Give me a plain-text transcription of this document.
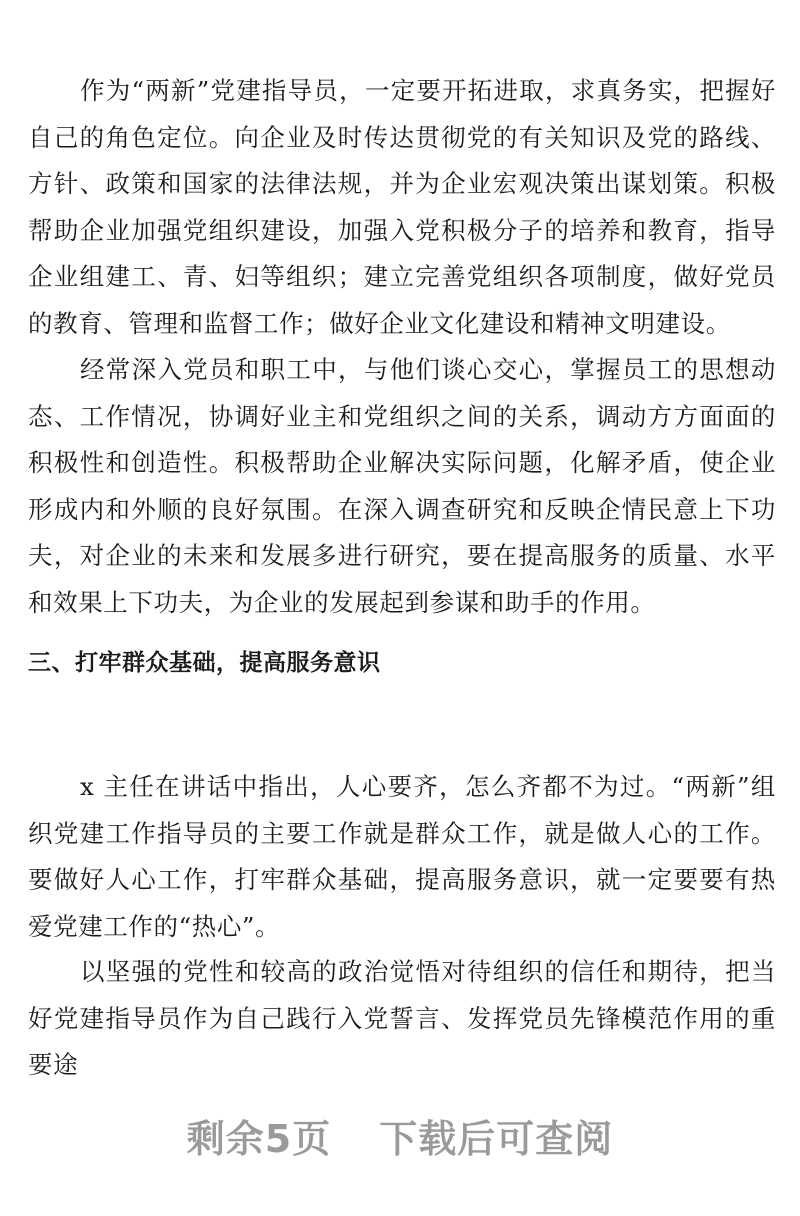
作为“两新”党建指导员，一定要开拓进取，求真务实，把握好自己的角色定位。向企业及时传达贯彻党的有关知识及党的路线、方针、政策和国家的法律法规，并为企业宏观决策出谋划策。积极帮助企业加强党组织建设，加强入党积极分子的培养和教育，指导企业组建工、青、妇等组织；建立完善党组织各项制度，做好党员的教育、管理和监督工作；做好企业文化建设和精神文明建设。

经常深入党员和职工中，与他们谈心交心，掌握员工的思想动态、工作情况，协调好业主和党组织之间的关系，调动方方面面的积极性和创造性。积极帮助企业解决实际问题，化解矛盾，使企业形成内和外顺的良好氛围。在深入调查研究和反映企情民意上下功夫，对企业的未来和发展多进行研究，要在提高服务的质量、水平和效果上下功夫，为企业的发展起到参谋和助手的作用。

三、打牢群众基础，提高服务意识

x 主任在讲话中指出，人心要齐，怎么齐都不为过。“两新”组织党建工作指导员的主要工作就是群众工作，就是做人心的工作。要做好人心工作，打牢群众基础，提高服务意识，就一定要要有热爱党建工作的“热心”。

以坚强的党性和较高的政治觉悟对待组织的信任和期待，把当好党建指导员作为自己践行入党誓言、发挥党员先锋模范作用的重要途

剩余5页 下载后可查阅
